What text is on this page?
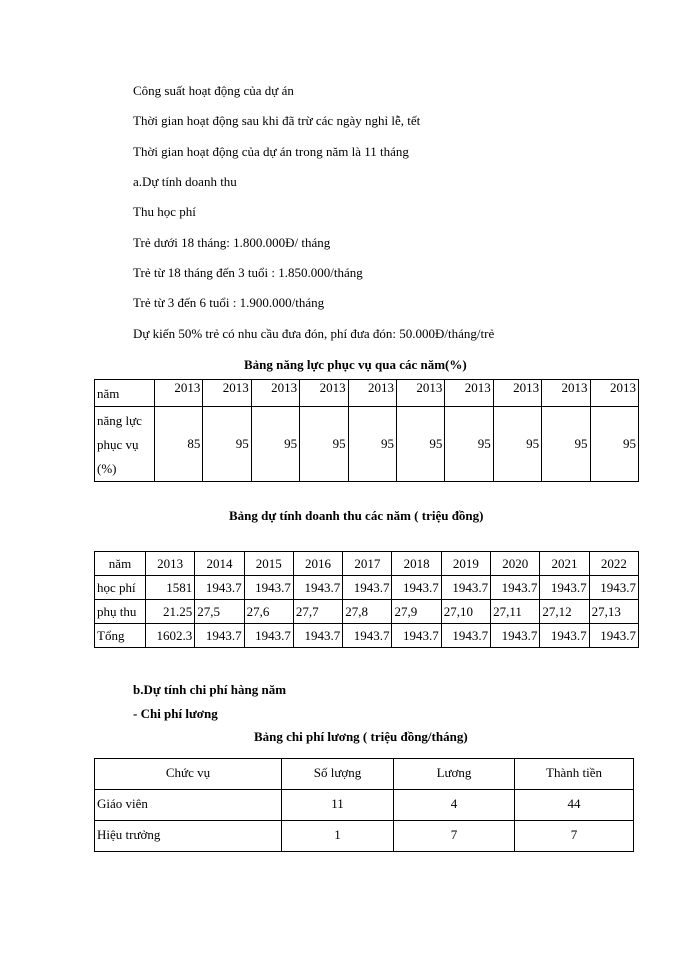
Công suất hoạt động của dự án
Thời gian hoạt động sau khi đã trừ các ngày nghỉ lễ, tết
Thời gian hoạt động của dự án trong năm là 11 tháng
a.Dự tính doanh thu
Thu học phí
Trẻ dưới 18 tháng: 1.800.000Đ/ tháng
Trẻ từ 18 tháng đến 3 tuổi : 1.850.000/tháng
Trẻ từ 3 đến 6 tuổi : 1.900.000/tháng
Dự kiến 50% trẻ có nhu cầu đưa đón, phí đưa đón: 50.000Đ/tháng/trẻ
Bảng năng lực phục vụ qua các năm(%)
năm	2013	2013	2013	2013	2013	2013	2013	2013	2013	2013

năng lực
phục vụ
(%)	85	95	95	95	95	95	95	95	95	95
Bảng dự tính doanh thu các năm ( triệu đồng)
năm	2013	2014	2015	2016	2017	2018	2019	2020	2021	2022
học phí	1581	1943.7	1943.7	1943.7	1943.7	1943.7	1943.7	1943.7	1943.7	1943.7
phụ thu	21.25	27,5	27,6	27,7	27,8	27,9	27,10	27,11	27,12	27,13
Tổng	1602.3	1943.7	1943.7	1943.7	1943.7	1943.7	1943.7	1943.7	1943.7	1943.7
b.Dự tính chi phí hàng năm
- Chi phí lương
Bảng chi phí lương ( triệu đồng/tháng)
Chức vụ	Số lượng	Lương	Thành tiền
Giáo viên	11	4	44
Hiệu trưởng	1	7	7
